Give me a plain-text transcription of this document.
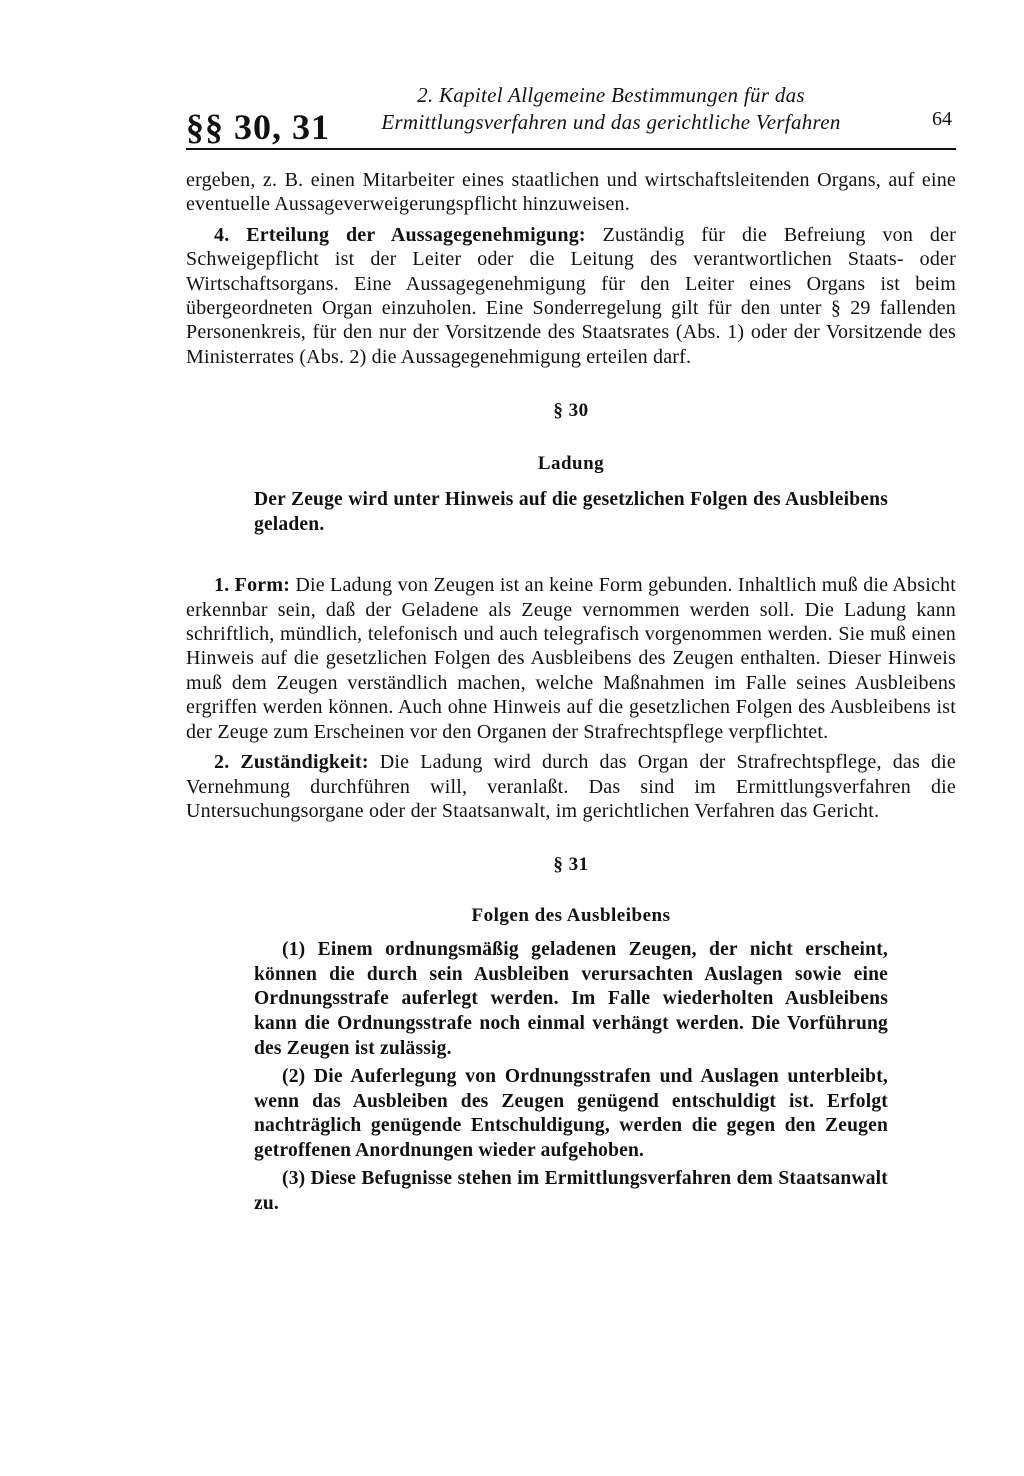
§§ 30, 31
2. Kapitel Allgemeine Bestimmungen für das
Ermittlungsverfahren und das gerichtliche Verfahren	64

ergeben, z. B. einen Mitarbeiter eines staatlichen und wirtschaftsleitenden Organs, auf eine eventuelle Aussageverweigerungspflicht hinzuweisen.

4. Erteilung der Aussagegenehmigung: Zuständig für die Befreiung von der Schweigepflicht ist der Leiter oder die Leitung des verantwortlichen Staats- oder Wirtschaftsorgans. Eine Aussagegenehmigung für den Leiter eines Organs ist beim übergeordneten Organ einzuholen. Eine Sonderregelung gilt für den unter § 29 fallenden Personenkreis, für den nur der Vorsitzende des Staatsrates (Abs. 1) oder der Vorsitzende des Ministerrates (Abs. 2) die Aussagegenehmigung erteilen darf.

§ 30

Ladung

Der Zeuge wird unter Hinweis auf die gesetzlichen Folgen des Ausbleibens geladen.

1. Form: Die Ladung von Zeugen ist an keine Form gebunden. Inhaltlich muß die Absicht erkennbar sein, daß der Geladene als Zeuge vernommen werden soll. Die Ladung kann schriftlich, mündlich, telefonisch und auch telegrafisch vorgenommen werden. Sie muß einen Hinweis auf die gesetzlichen Folgen des Ausbleibens des Zeugen enthalten. Dieser Hinweis muß dem Zeugen verständlich machen, welche Maßnahmen im Falle seines Ausbleibens ergriffen werden können. Auch ohne Hinweis auf die gesetzlichen Folgen des Ausbleibens ist der Zeuge zum Erscheinen vor den Organen der Strafrechtspflege verpflichtet.

2. Zuständigkeit: Die Ladung wird durch das Organ der Strafrechtspflege, das die Vernehmung durchführen will, veranlaßt. Das sind im Ermittlungsverfahren die Untersuchungsorgane oder der Staatsanwalt, im gerichtlichen Verfahren das Gericht.

§ 31

Folgen des Ausbleibens

(1) Einem ordnungsmäßig geladenen Zeugen, der nicht erscheint, können die durch sein Ausbleiben verursachten Auslagen sowie eine Ordnungsstrafe auferlegt werden. Im Falle wiederholten Ausbleibens kann die Ordnungsstrafe noch einmal verhängt werden. Die Vorführung des Zeugen ist zulässig.

(2) Die Auferlegung von Ordnungsstrafen und Auslagen unterbleibt, wenn das Ausbleiben des Zeugen genügend entschuldigt ist. Erfolgt nachträglich genügende Entschuldigung, werden die gegen den Zeugen getroffenen Anordnungen wieder aufgehoben.

(3) Diese Befugnisse stehen im Ermittlungsverfahren dem Staatsanwalt zu.
